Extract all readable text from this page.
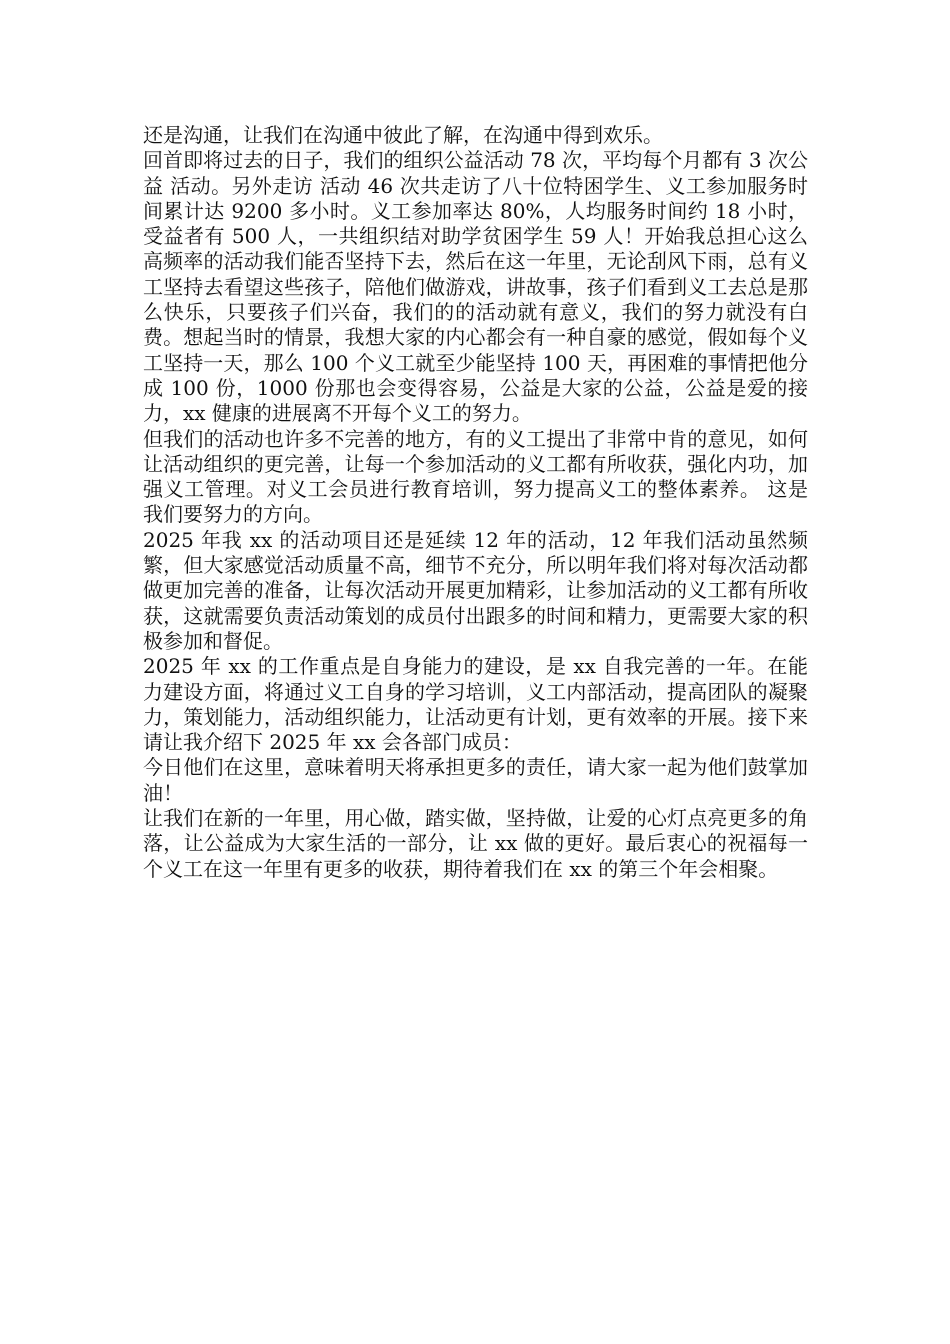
还是沟通，让我们在沟通中彼此了解，在沟通中得到欢乐。

回首即将过去的日子，我们的组织公益活动 78 次，平均每个月都有 3 次公益 活动。另外走访 活动 46 次共走访了八十位特困学生、义工参加服务时间累计达 9200 多小时。义工参加率达 80%，人均服务时间约 18 小时，受益者有 500 人，一共组织结对助学贫困学生 59 人！开始我总担心这么高频率的活动我们能否坚持下去，然后在这一年里，无论刮风下雨，总有义工坚持去看望这些孩子，陪他们做游戏，讲故事，孩子们看到义工去总是那么快乐，只要孩子们兴奋，我们的的活动就有意义，我们的努力就没有白费。想起当时的情景，我想大家的内心都会有一种自豪的感觉，假如每个义工坚持一天，那么 100 个义工就至少能坚持 100 天，再困难的事情把他分成 100 份，1000 份那也会变得容易，公益是大家的公益，公益是爱的接力，xx 健康的进展离不开每个义工的努力。

但我们的活动也许多不完善的地方，有的义工提出了非常中肯的意见，如何让活动组织的更完善，让每一个参加活动的义工都有所收获，强化内功，加强义工管理。对义工会员进行教育培训，努力提高义工的整体素养。 这是我们要努力的方向。

2025 年我 xx 的活动项目还是延续 12 年的活动，12 年我们活动虽然频繁，但大家感觉活动质量不高，细节不充分，所以明年我们将对每次活动都做更加完善的准备，让每次活动开展更加精彩，让参加活动的义工都有所收获，这就需要负责活动策划的成员付出跟多的时间和精力，更需要大家的积极参加和督促。

2025 年 xx 的工作重点是自身能力的建设，是 xx 自我完善的一年。在能力建设方面，将通过义工自身的学习培训，义工内部活动，提高团队的凝聚力，策划能力，活动组织能力，让活动更有计划，更有效率的开展。接下来请让我介绍下 2025 年 xx 会各部门成员：

今日他们在这里，意味着明天将承担更多的责任，请大家一起为他们鼓掌加油！

让我们在新的一年里，用心做，踏实做，坚持做，让爱的心灯点亮更多的角落，让公益成为大家生活的一部分，让 xx 做的更好。最后衷心的祝福每一个义工在这一年里有更多的收获，期待着我们在 xx 的第三个年会相聚。
